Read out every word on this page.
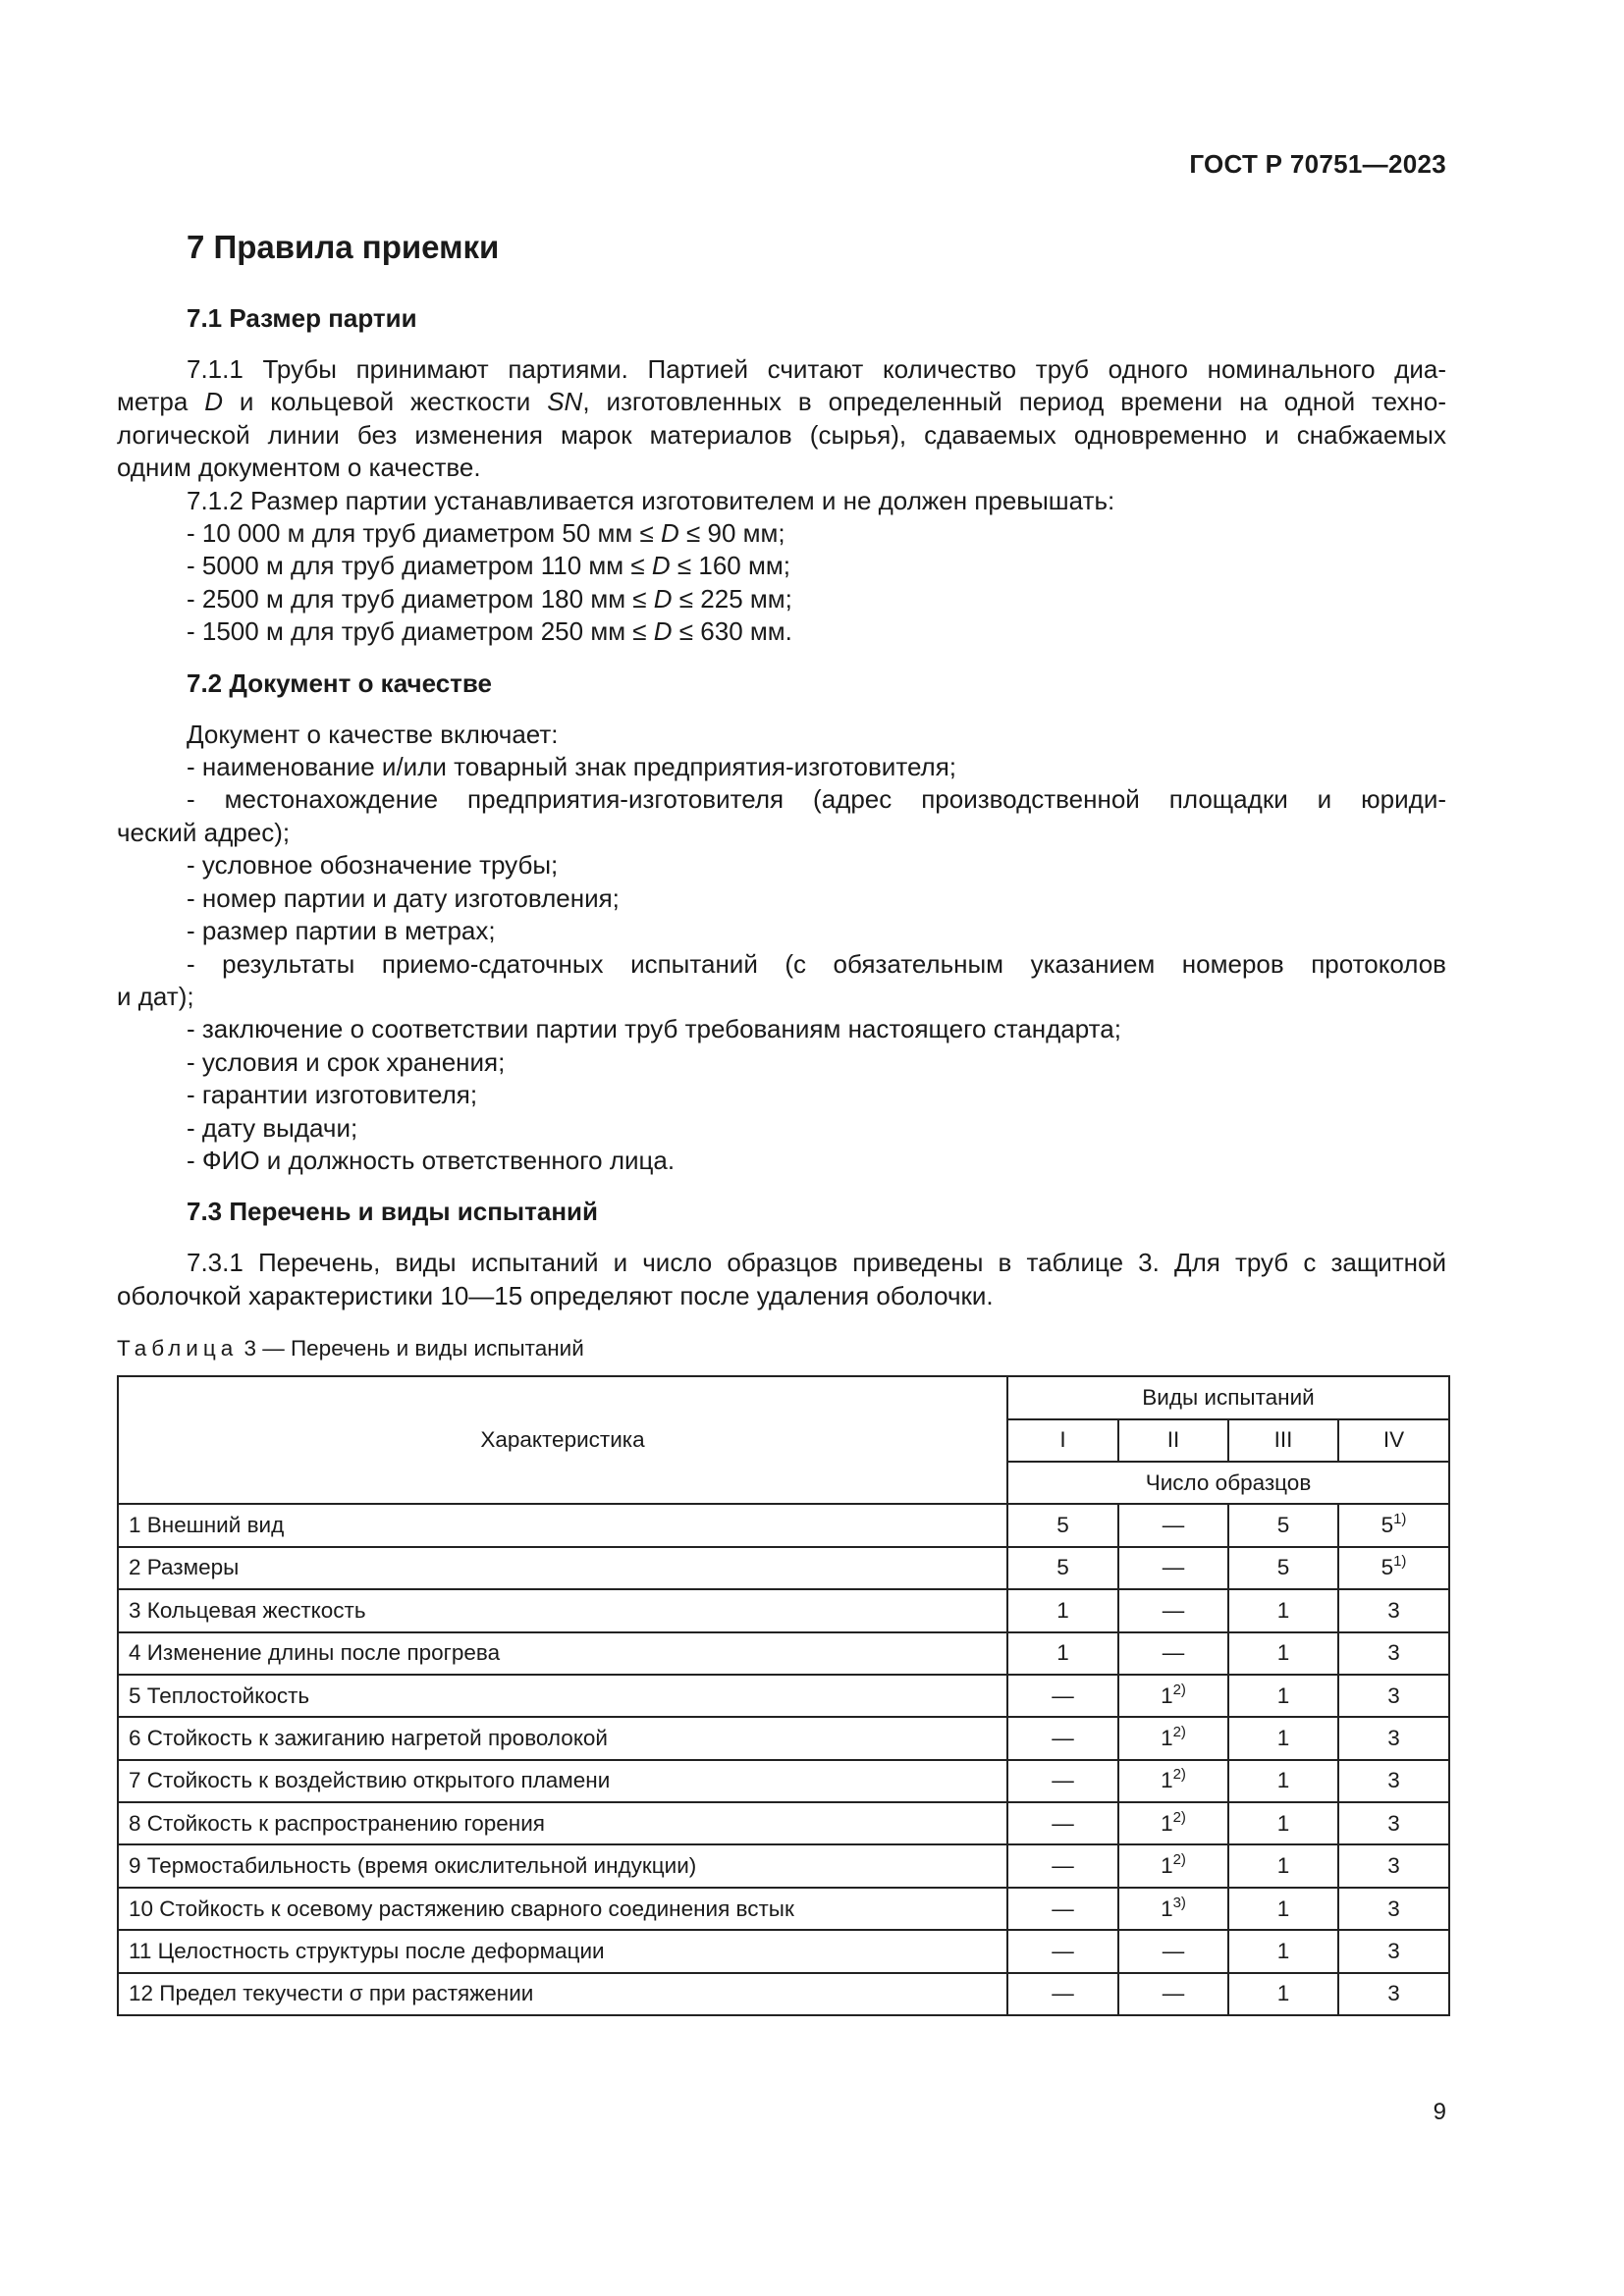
ГОСТ Р 70751—2023
7 Правила приемки
7.1 Размер партии

7.1.1 Трубы принимают партиями. Партией считают количество труб одного номинального диа-

метра D и кольцевой жесткости SN, изготовленных в определенный период времени на одной техно-

логической линии без изменения марок материалов (сырья), сдаваемых одновременно и снабжаемых

одним документом о качестве.

7.1.2 Размер партии устанавливается изготовителем и не должен превышать:

- 10 000 м для труб диаметром 50 мм ≤ D ≤ 90 мм;

- 5000 м для труб диаметром 110 мм ≤ D ≤ 160 мм;

- 2500 м для труб диаметром 180 мм ≤ D ≤ 225 мм;

- 1500 м для труб диаметром 250 мм ≤ D ≤ 630 мм.

7.2 Документ о качестве

Документ о качестве включает:

- наименование и/или товарный знак предприятия-изготовителя;

- местонахождение предприятия-изготовителя (адрес производственной площадки и юриди-

ческий адрес);

- условное обозначение трубы;

- номер партии и дату изготовления;

- размер партии в метрах;

- результаты приемо-сдаточных испытаний (с обязательным указанием номеров протоколов

и дат);

- заключение о соответствии партии труб требованиям настоящего стандарта;

- условия и срок хранения;

- гарантии изготовителя;

- дату выдачи;

- ФИО и должность ответственного лица.

7.3 Перечень и виды испытаний

7.3.1 Перечень, виды испытаний и число образцов приведены в таблице 3. Для труб с защитной

оболочкой характеристики 10—15 определяют после удаления оболочки.

Таблица 3 — Перечень и виды испытаний
Характеристика	Виды испытаний			
	I	II	III	IV
	Число образцов			
1 Внешний вид	5	—	5	5$^{1)}$
2 Размеры	5	—	5	5$^{1)}$
3 Кольцевая жесткость	1	—	1	3
4 Изменение длины после прогрева	1	—	1	3
5 Теплостойкость	—	1$^{2)}$	1	3
6 Стойкость к зажиганию нагретой проволокой	—	1$^{2)}$	1	3
7 Стойкость к воздействию открытого пламени	—	1$^{2)}$	1	3
8 Стойкость к распространению горения	—	1$^{2)}$	1	3
9 Термостабильность (время окислительной индукции)	—	1$^{2)}$	1	3
10 Стойкость к осевому растяжению сварного соединения встык	—	1$^{3)}$	1	3
11 Целостность структуры после деформации	—	—	1	3
12 Предел текучести σ при растяжении	—	—	1	3
9
